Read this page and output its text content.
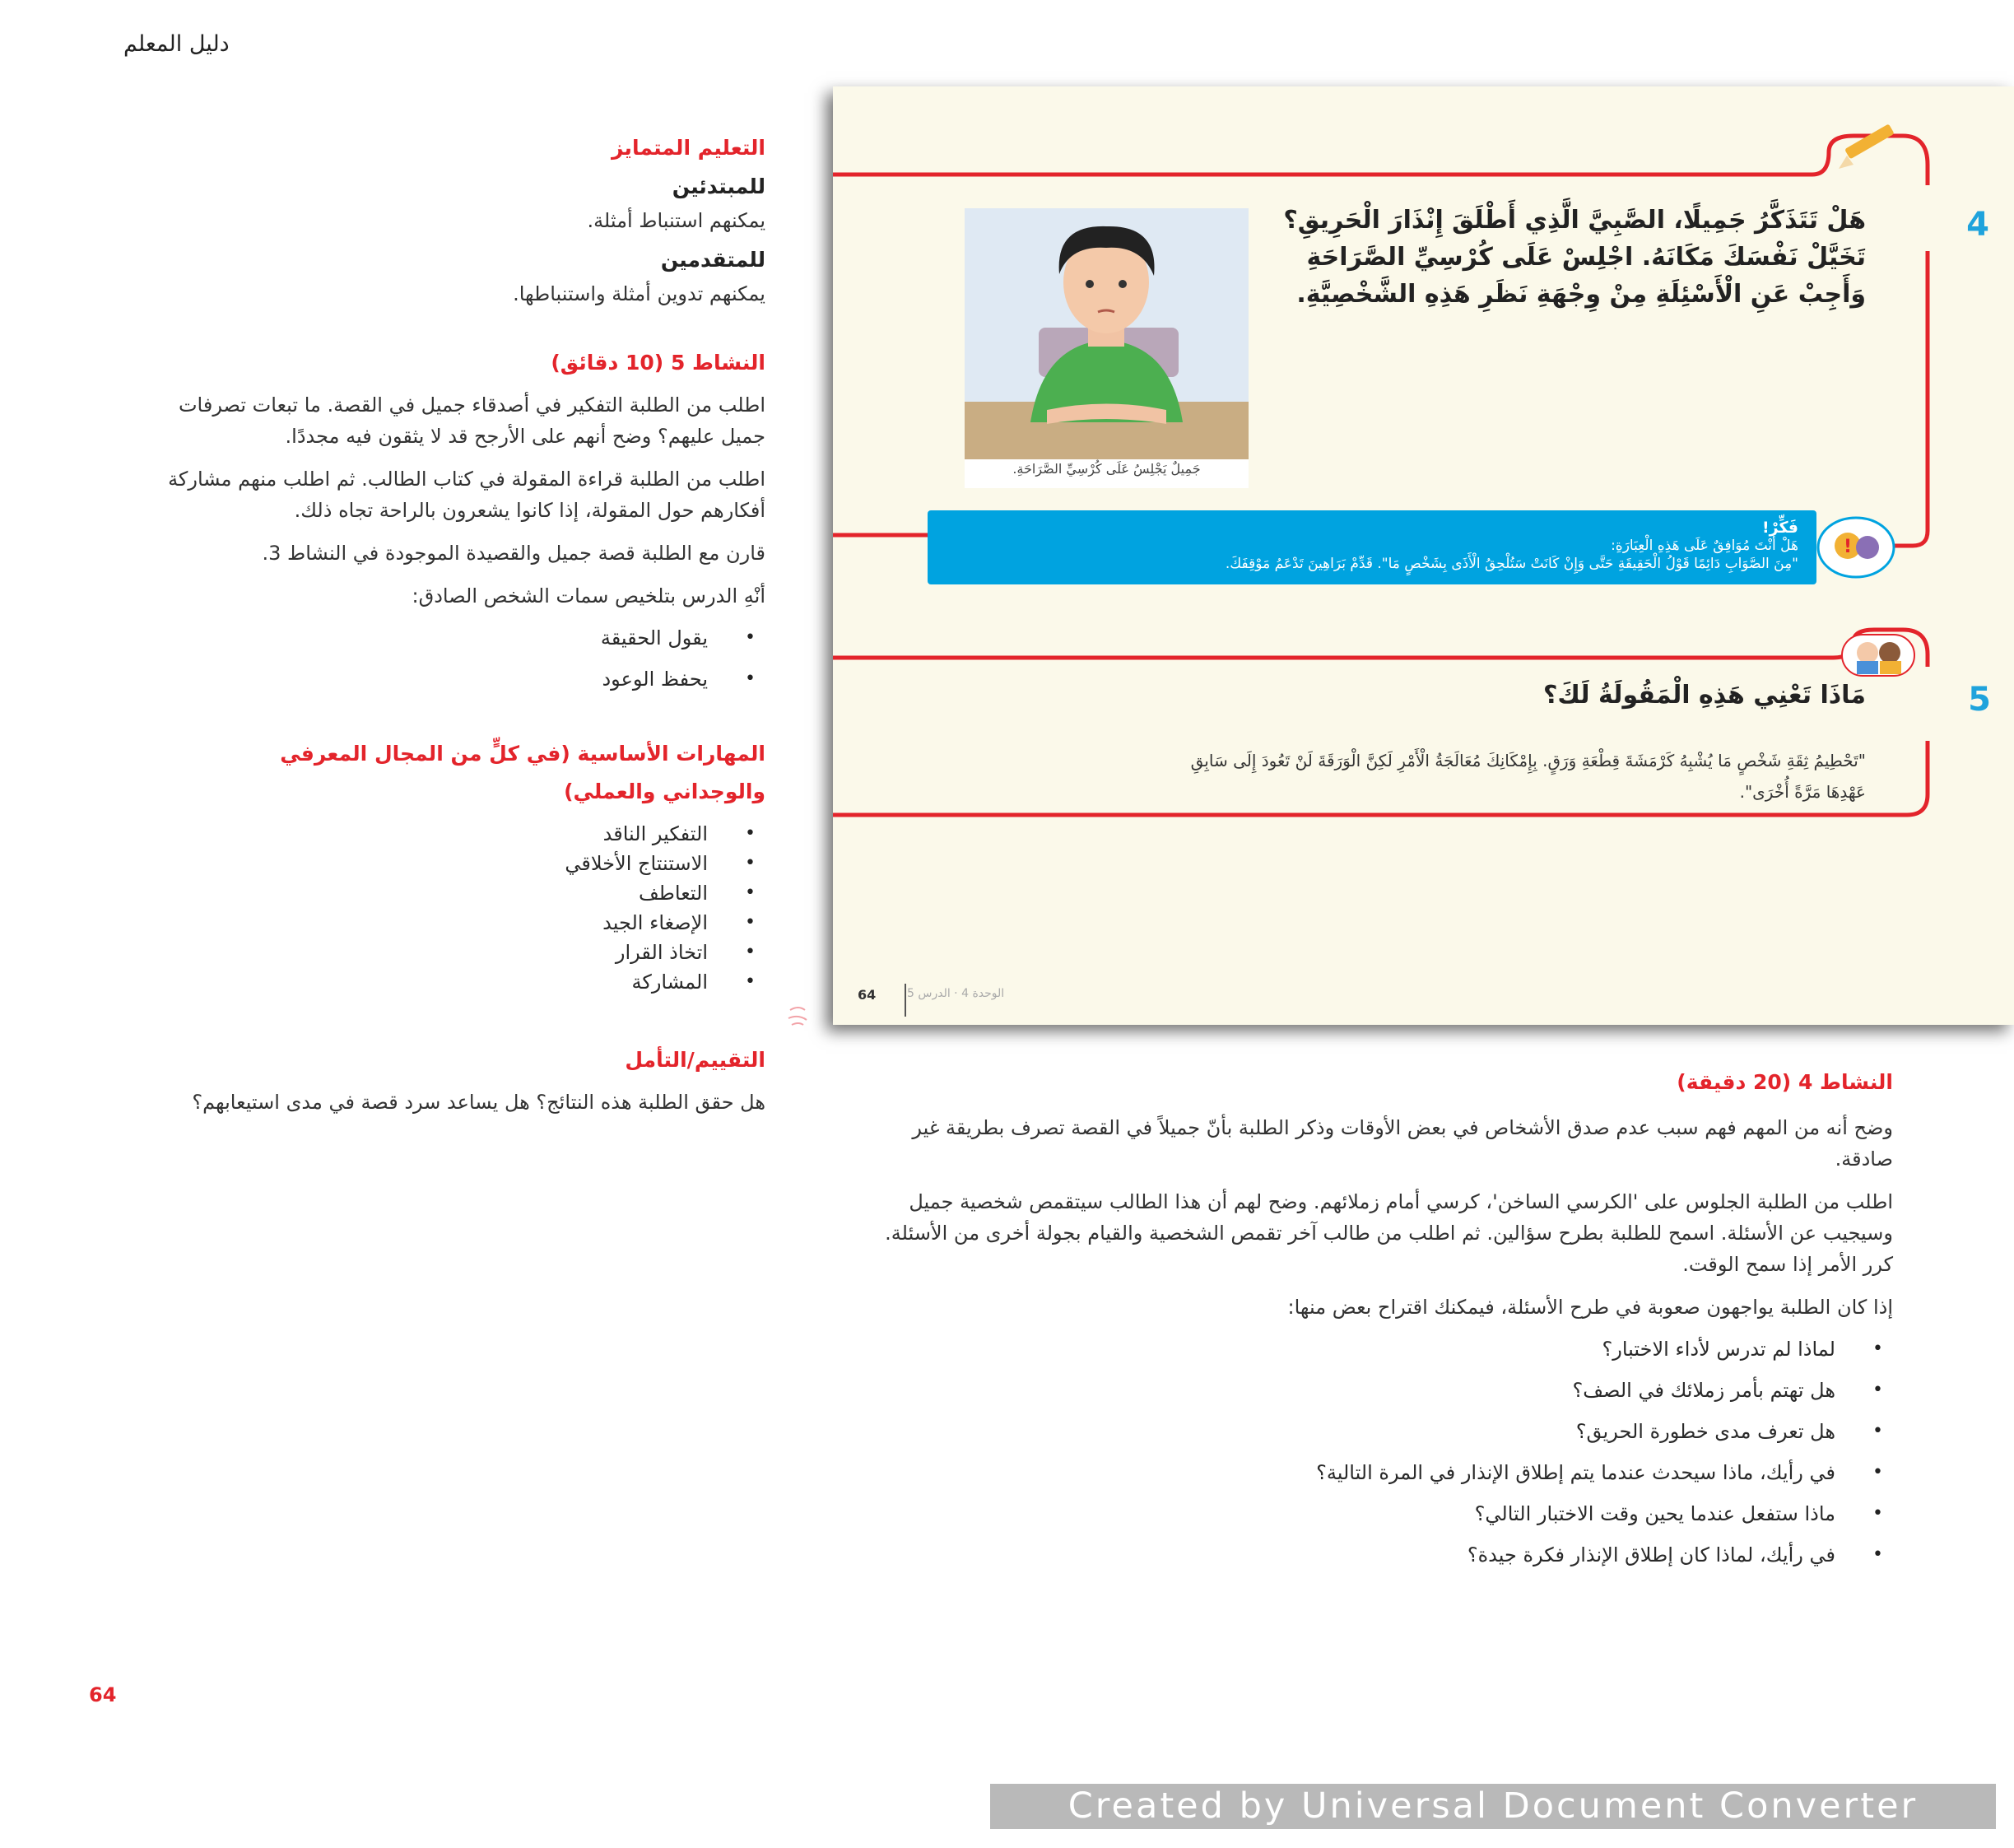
دليل المعلم
التعليم المتمايز
للمبتدئين
يمكنهم استنباط أمثلة.
للمتقدمين
يمكنهم تدوين أمثلة واستنباطها.
النشاط 5 (10 دقائق)
اطلب من الطلبة التفكير في أصدقاء جميل في القصة. ما تبعات تصرفات جميل عليهم؟ وضح أنهم على الأرجح قد لا يثقون فيه مجددًا.
اطلب من الطلبة قراءة المقولة في كتاب الطالب. ثم اطلب منهم مشاركة أفكارهم حول المقولة، إذا كانوا يشعرون بالراحة تجاه ذلك.
قارن مع الطلبة قصة جميل والقصيدة الموجودة في النشاط 3.
أنْهِ الدرس بتلخيص سمات الشخص الصادق:
• يقول الحقيقة
• يحفظ الوعود
المهارات الأساسية (في كلٍّ من المجال المعرفي
والوجداني والعملي)
• التفكير الناقد
• الاستنتاج الأخلاقي
• التعاطف
• الإصغاء الجيد
• اتخاذ القرار
• المشاركة
التقييم/التأمل
هل حقق الطلبة هذه النتائج؟ هل يساعد سرد قصة في مدى استيعابهم؟
4
هَلْ تَتَذَكَّرُ جَمِيلًا، الصَّبِيَّ الَّذِي أَطْلَقَ إِنْذَارَ الْحَرِيقِ؟ تَخَيَّلْ نَفْسَكَ مَكَانَهُ. اجْلِسْ عَلَى كُرْسِيِّ الصَّرَاحَةِ وَأَجِبْ عَنِ الْأَسْئِلَةِ مِنْ وِجْهَةِ نَظَرِ هَذِهِ الشَّخْصِيَّةِ.
جَمِيلٌ يَجْلِسُ عَلَى كُرْسِيِّ الصَّرَاحَةِ.
فَكِّرْ!
هَلْ أَنْتَ مُوَافِقٌ عَلَى هَذِهِ الْعِبَارَةِ:
"مِنَ الصَّوَابِ دَائِمًا قَوْلُ الْحَقِيقَةِ حَتَّى وَإِنْ كَانَتْ سَتُلْحِقُ الْأَذَى بِشَخْصٍ مَا". قَدِّمْ بَرَاهِينَ تَدْعَمُ مَوْقِفَكَ.
!
5
مَاذَا تَعْنِي هَذِهِ الْمَقُولَةُ لَكَ؟
"تَحْطِيمُ ثِقَةِ شَخْصٍ مَا يُشْبِهُ كَرْمَشَةَ قِطْعَةِ وَرَقٍ. بِإِمْكَانِكَ مُعَالَجَةُ الْأَمْرِ لَكِنَّ الْوَرَقَةَ لَنْ تَعُودَ إِلَى سَابِقِ
عَهْدِهَا مَرَّةً أُخْرَى".
64	الوحدة 4 · الدرس 5
النشاط 4 (20 دقيقة)
وضح أنه من المهم فهم سبب عدم صدق الأشخاص في بعض الأوقات وذكر الطلبة بأنّ جميلاً في القصة تصرف بطريقة غير صادقة.
اطلب من الطلبة الجلوس على 'الكرسي الساخن'، كرسي أمام زملائهم. وضح لهم أن هذا الطالب سيتقمص شخصية جميل وسيجيب عن الأسئلة. اسمح للطلبة بطرح سؤالين. ثم اطلب من طالب آخر تقمص الشخصية والقيام بجولة أخرى من الأسئلة. كرر الأمر إذا سمح الوقت.
إذا كان الطلبة يواجهون صعوبة في طرح الأسئلة، فيمكنك اقتراح بعض منها:
• لماذا لم تدرس لأداء الاختبار؟
• هل تهتم بأمر زملائك في الصف؟
• هل تعرف مدى خطورة الحريق؟
• في رأيك، ماذا سيحدث عندما يتم إطلاق الإنذار في المرة التالية؟
• ماذا ستفعل عندما يحين وقت الاختبار التالي؟
• في رأيك، لماذا كان إطلاق الإنذار فكرة جيدة؟
64
Created by Universal Document Converter
